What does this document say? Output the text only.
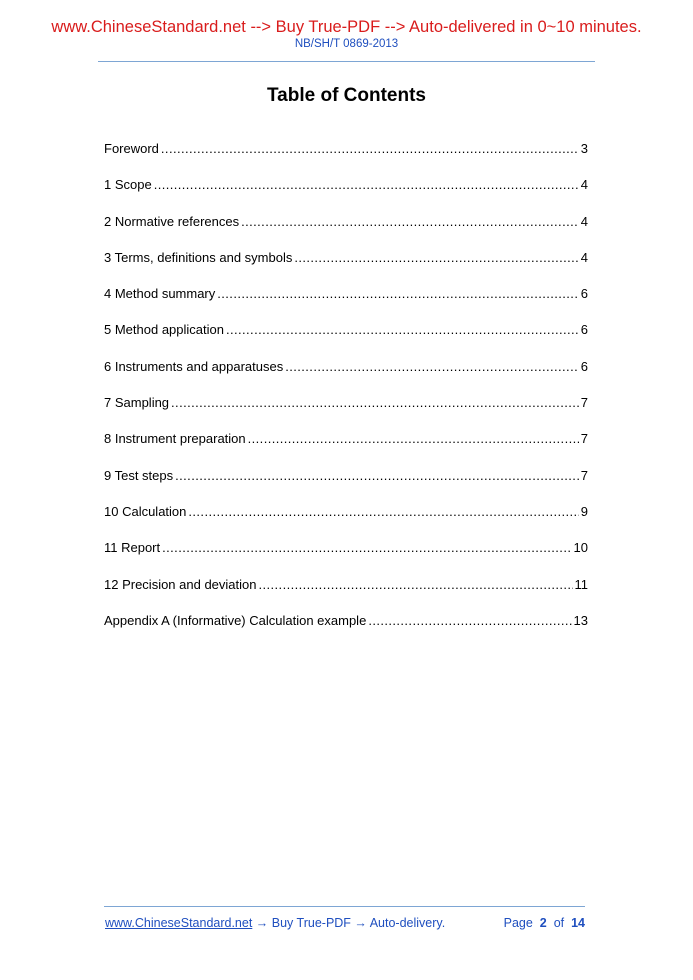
www.ChineseStandard.net --> Buy True-PDF --> Auto-delivered in 0~10 minutes.
NB/SH/T 0869-2013
Table of Contents
Foreword .....	3
1 Scope .....	4
2 Normative references .....	4
3 Terms, definitions and symbols .....	4
4 Method summary .....	6
5 Method application .....	6
6 Instruments and apparatuses .....	6
7 Sampling .....	7
8 Instrument preparation .....	7
9 Test steps .....	7
10 Calculation .....	9
11 Report .....	10
12 Precision and deviation .....	11
Appendix A (Informative) Calculation example .....	13
www.ChineseStandard.net → Buy True-PDF → Auto-delivery.	Page 2 of 14
